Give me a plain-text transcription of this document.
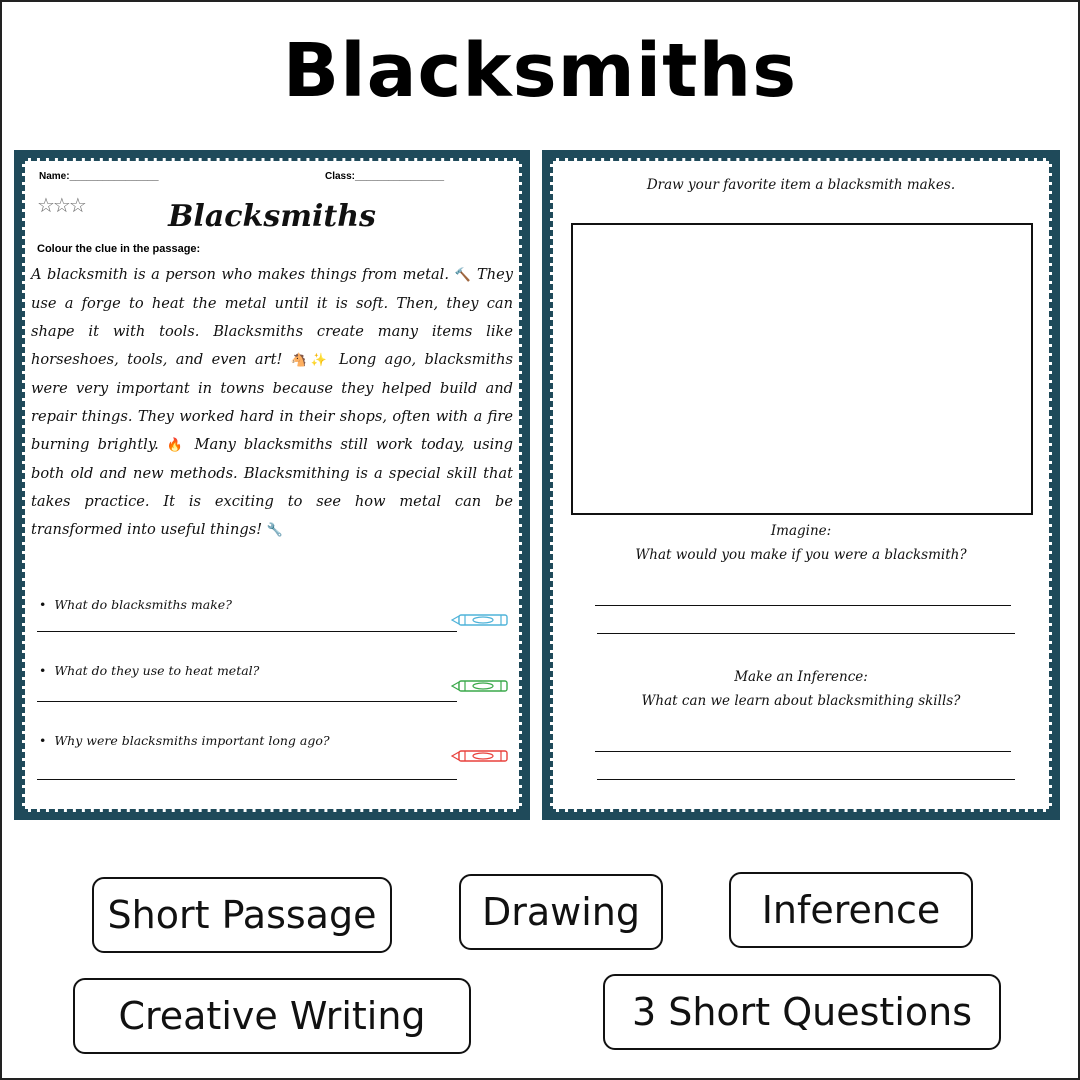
Blacksmiths
Name:________________	Class:________________
☆☆☆	Blacksmiths
Colour the clue in the passage:
A blacksmith is a person who makes things from metal. 🔨 They use a forge to heat the metal until it is soft. Then, they can shape it with tools. Blacksmiths create many items like horseshoes, tools, and even art! 🐴✨ Long ago, blacksmiths were very important in towns because they helped build and repair things. They worked hard in their shops, often with a fire burning brightly. 🔥 Many blacksmiths still work today, using both old and new methods. Blacksmithing is a special skill that takes practice. It is exciting to see how metal can be transformed into useful things! 🔧
•  What do blacksmiths make?
•  What do they use to heat metal?
•  Why were blacksmiths important long ago?
Draw your favorite item a blacksmith makes.
Imagine:
What would you make if you were a blacksmith?
Make an Inference:
What can we learn about blacksmithing skills?
Short Passage	Drawing	Inference
Creative Writing	3 Short Questions
